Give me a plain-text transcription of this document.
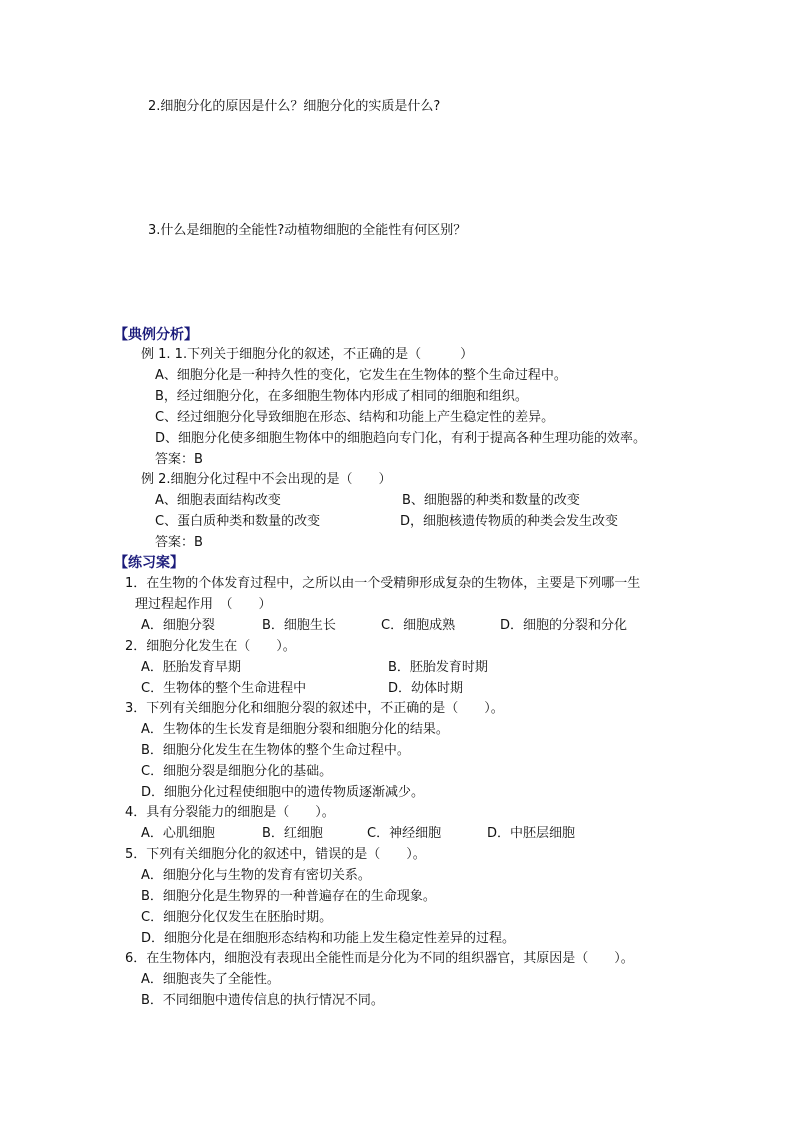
2.细胞分化的原因是什么？细胞分化的实质是什么?
3.什么是细胞的全能性?动植物细胞的全能性有何区别？
【典例分析】
例 1. 1.下列关于细胞分化的叙述，不正确的是（　　　）
A、细胞分化是一种持久性的变化，它发生在生物体的整个生命过程中。
B，经过细胞分化，在多细胞生物体内形成了相同的细胞和组织。
C、经过细胞分化导致细胞在形态、结构和功能上产生稳定性的差异。
D、细胞分化使多细胞生物体中的细胞趋向专门化，有利于提高各种生理功能的效率。
答案：B
例 2.细胞分化过程中不会出现的是（　　）
A、细胞表面结构改变	B、细胞器的种类和数量的改变
C、蛋白质种类和数量的改变	D，细胞核遗传物质的种类会发生改变
答案：B
【练习案】
1．在生物的个体发育过程中，之所以由一个受精卵形成复杂的生物体，主要是下列哪一生
理过程起作用　（　　）
A．细胞分裂	B．细胞生长	C．细胞成熟	D．细胞的分裂和分化
2．细胞分化发生在（　　）。
A．胚胎发育早期	B．胚胎发育时期
C．生物体的整个生命进程中	D．幼体时期
3．下列有关细胞分化和细胞分裂的叙述中，不正确的是（　　）。
A．生物体的生长发育是细胞分裂和细胞分化的结果。
B．细胞分化发生在生物体的整个生命过程中。
C．细胞分裂是细胞分化的基础。
D．细胞分化过程使细胞中的遗传物质逐渐减少。
4．具有分裂能力的细胞是（　　）。
A．心肌细胞	B．红细胞	C．神经细胞	D．中胚层细胞
5．下列有关细胞分化的叙述中，错误的是（　　）。
A．细胞分化与生物的发育有密切关系。
B．细胞分化是生物界的一种普遍存在的生命现象。
C．细胞分化仅发生在胚胎时期。
D．细胞分化是在细胞形态结构和功能上发生稳定性差异的过程。
6．在生物体内，细胞没有表现出全能性而是分化为不同的组织器官，其原因是（　　）。
A．细胞丧失了全能性。
B．不同细胞中遗传信息的执行情况不同。
